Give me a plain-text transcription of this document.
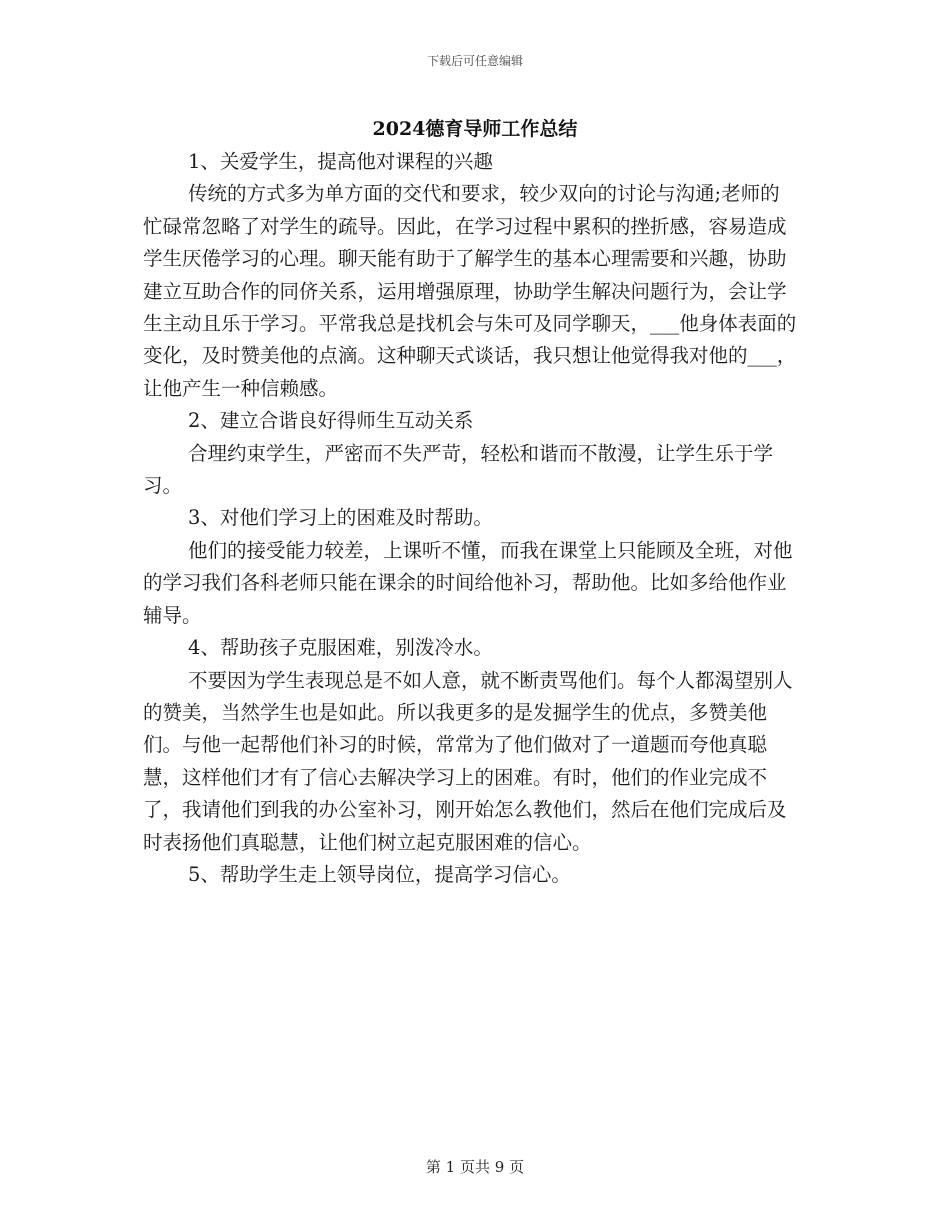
下载后可任意编辑
2024德育导师工作总结

1、关爱学生，提高他对课程的兴趣

传统的方式多为单方面的交代和要求，较少双向的讨论与沟通;老师的忙碌常忽略了对学生的疏导。因此，在学习过程中累积的挫折感，容易造成学生厌倦学习的心理。聊天能有助于了解学生的基本心理需要和兴趣，协助建立互助合作的同侪关系，运用增强原理，协助学生解决问题行为，会让学生主动且乐于学习。平常我总是找机会与朱可及同学聊天，___他身体表面的变化，及时赞美他的点滴。这种聊天式谈话，我只想让他觉得我对他的___，让他产生一种信赖感。

2、建立合谐良好得师生互动关系

合理约束学生，严密而不失严苛，轻松和谐而不散漫，让学生乐于学习。

3、对他们学习上的困难及时帮助。

他们的接受能力较差，上课听不懂，而我在课堂上只能顾及全班，对他的学习我们各科老师只能在课余的时间给他补习，帮助他。比如多给他作业辅导。

4、帮助孩子克服困难，别泼冷水。

不要因为学生表现总是不如人意，就不断责骂他们。每个人都渴望别人的赞美，当然学生也是如此。所以我更多的是发掘学生的优点，多赞美他们。与他一起帮他们补习的时候，常常为了他们做对了一道题而夸他真聪慧，这样他们才有了信心去解决学习上的困难。有时，他们的作业完成不了，我请他们到我的办公室补习，刚开始怎么教他们，然后在他们完成后及时表扬他们真聪慧，让他们树立起克服困难的信心。

5、帮助学生走上领导岗位，提高学习信心。

第 1 页共 9 页
